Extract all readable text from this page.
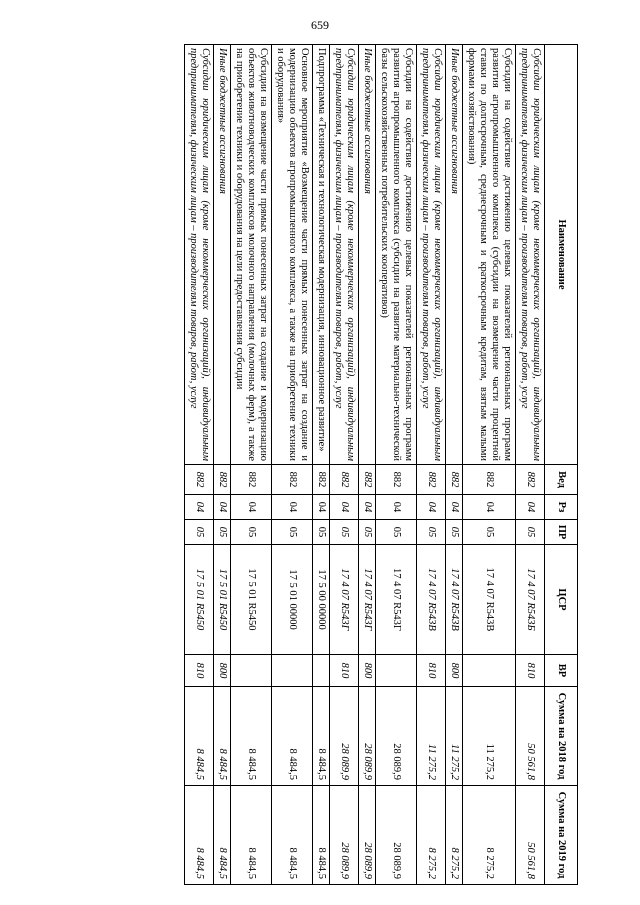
659
Наименование	Вед	Рз	ПР	ЦСР	ВР	Сумма на 2018 год	Сумма на 2019 год
Субсидии юридическим лицам (кроме некоммерческих организаций), индивидуальным предпринимателям, физическим лицам – производителям товаров, работ, услуг	882	04	05	17 4 07 R543Б	810	50 561,8	50 561,8
Субсидии на содействие достижению целевых показателей региональных программ развития агропромышленного комплекса (субсидии на возмещение части процентной ставки по долгосрочным, среднесрочным и краткосрочным кредитам, взятым малыми формами хозяйствования)	882	04	05	17 4 07 R543В		11 275,2	8 275,2
Иные бюджетные ассигнования	882	04	05	17 4 07 R543В	800	11 275,2	8 275,2
Субсидии юридическим лицам (кроме некоммерческих организаций), индивидуальным предпринимателям, физическим лицам – производителям товаров, работ, услуг	882	04	05	17 4 07 R543В	810	11 275,2	8 275,2
Субсидии на содействие достижению целевых показателей региональных программ развития агропромышленного комплекса (субсидии на развитие материально-технической базы сельскохозяйственных потребительских кооперативов)	882	04	05	17 4 07 R543Г		28 089,9	28 089,9
Иные бюджетные ассигнования	882	04	05	17 4 07 R543Г	800	28 089,9	28 089,9
Субсидии юридическим лицам (кроме некоммерческих организаций), индивидуальным предпринимателям, физическим лицам – производителям товаров, работ, услуг	882	04	05	17 4 07 R543Г	810	28 089,9	28 089,9
Подпрограмма «Техническая и технологическая модернизация, инновационное развитие»	882	04	05	17 5 00 00000		8 484,5	8 484,5
Основное мероприятие «Возмещение части прямых понесенных затрат на создание и модернизацию объектов агропромышленного комплекса, а также на приобретение техники и оборудования»	882	04	05	17 5 01 00000		8 484,5	8 484,5
Субсидии на возмещение части прямых понесенных затрат на создание и модернизацию объектов животноводческих комплексов молочного направления (молочных ферм), а также на приобретение техники и оборудования на цели предоставления субсидии	882	04	05	17 5 01 R5450		8 484,5	8 484,5
Иные бюджетные ассигнования	882	04	05	17 5 01 R5450	800	8 484,5	8 484,5
Субсидии юридическим лицам (кроме некоммерческих организаций), индивидуальным предпринимателям, физическим лицам – производителям товаров, работ, услуг	882	04	05	17 5 01 R5450	810	8 484,5	8 484,5
